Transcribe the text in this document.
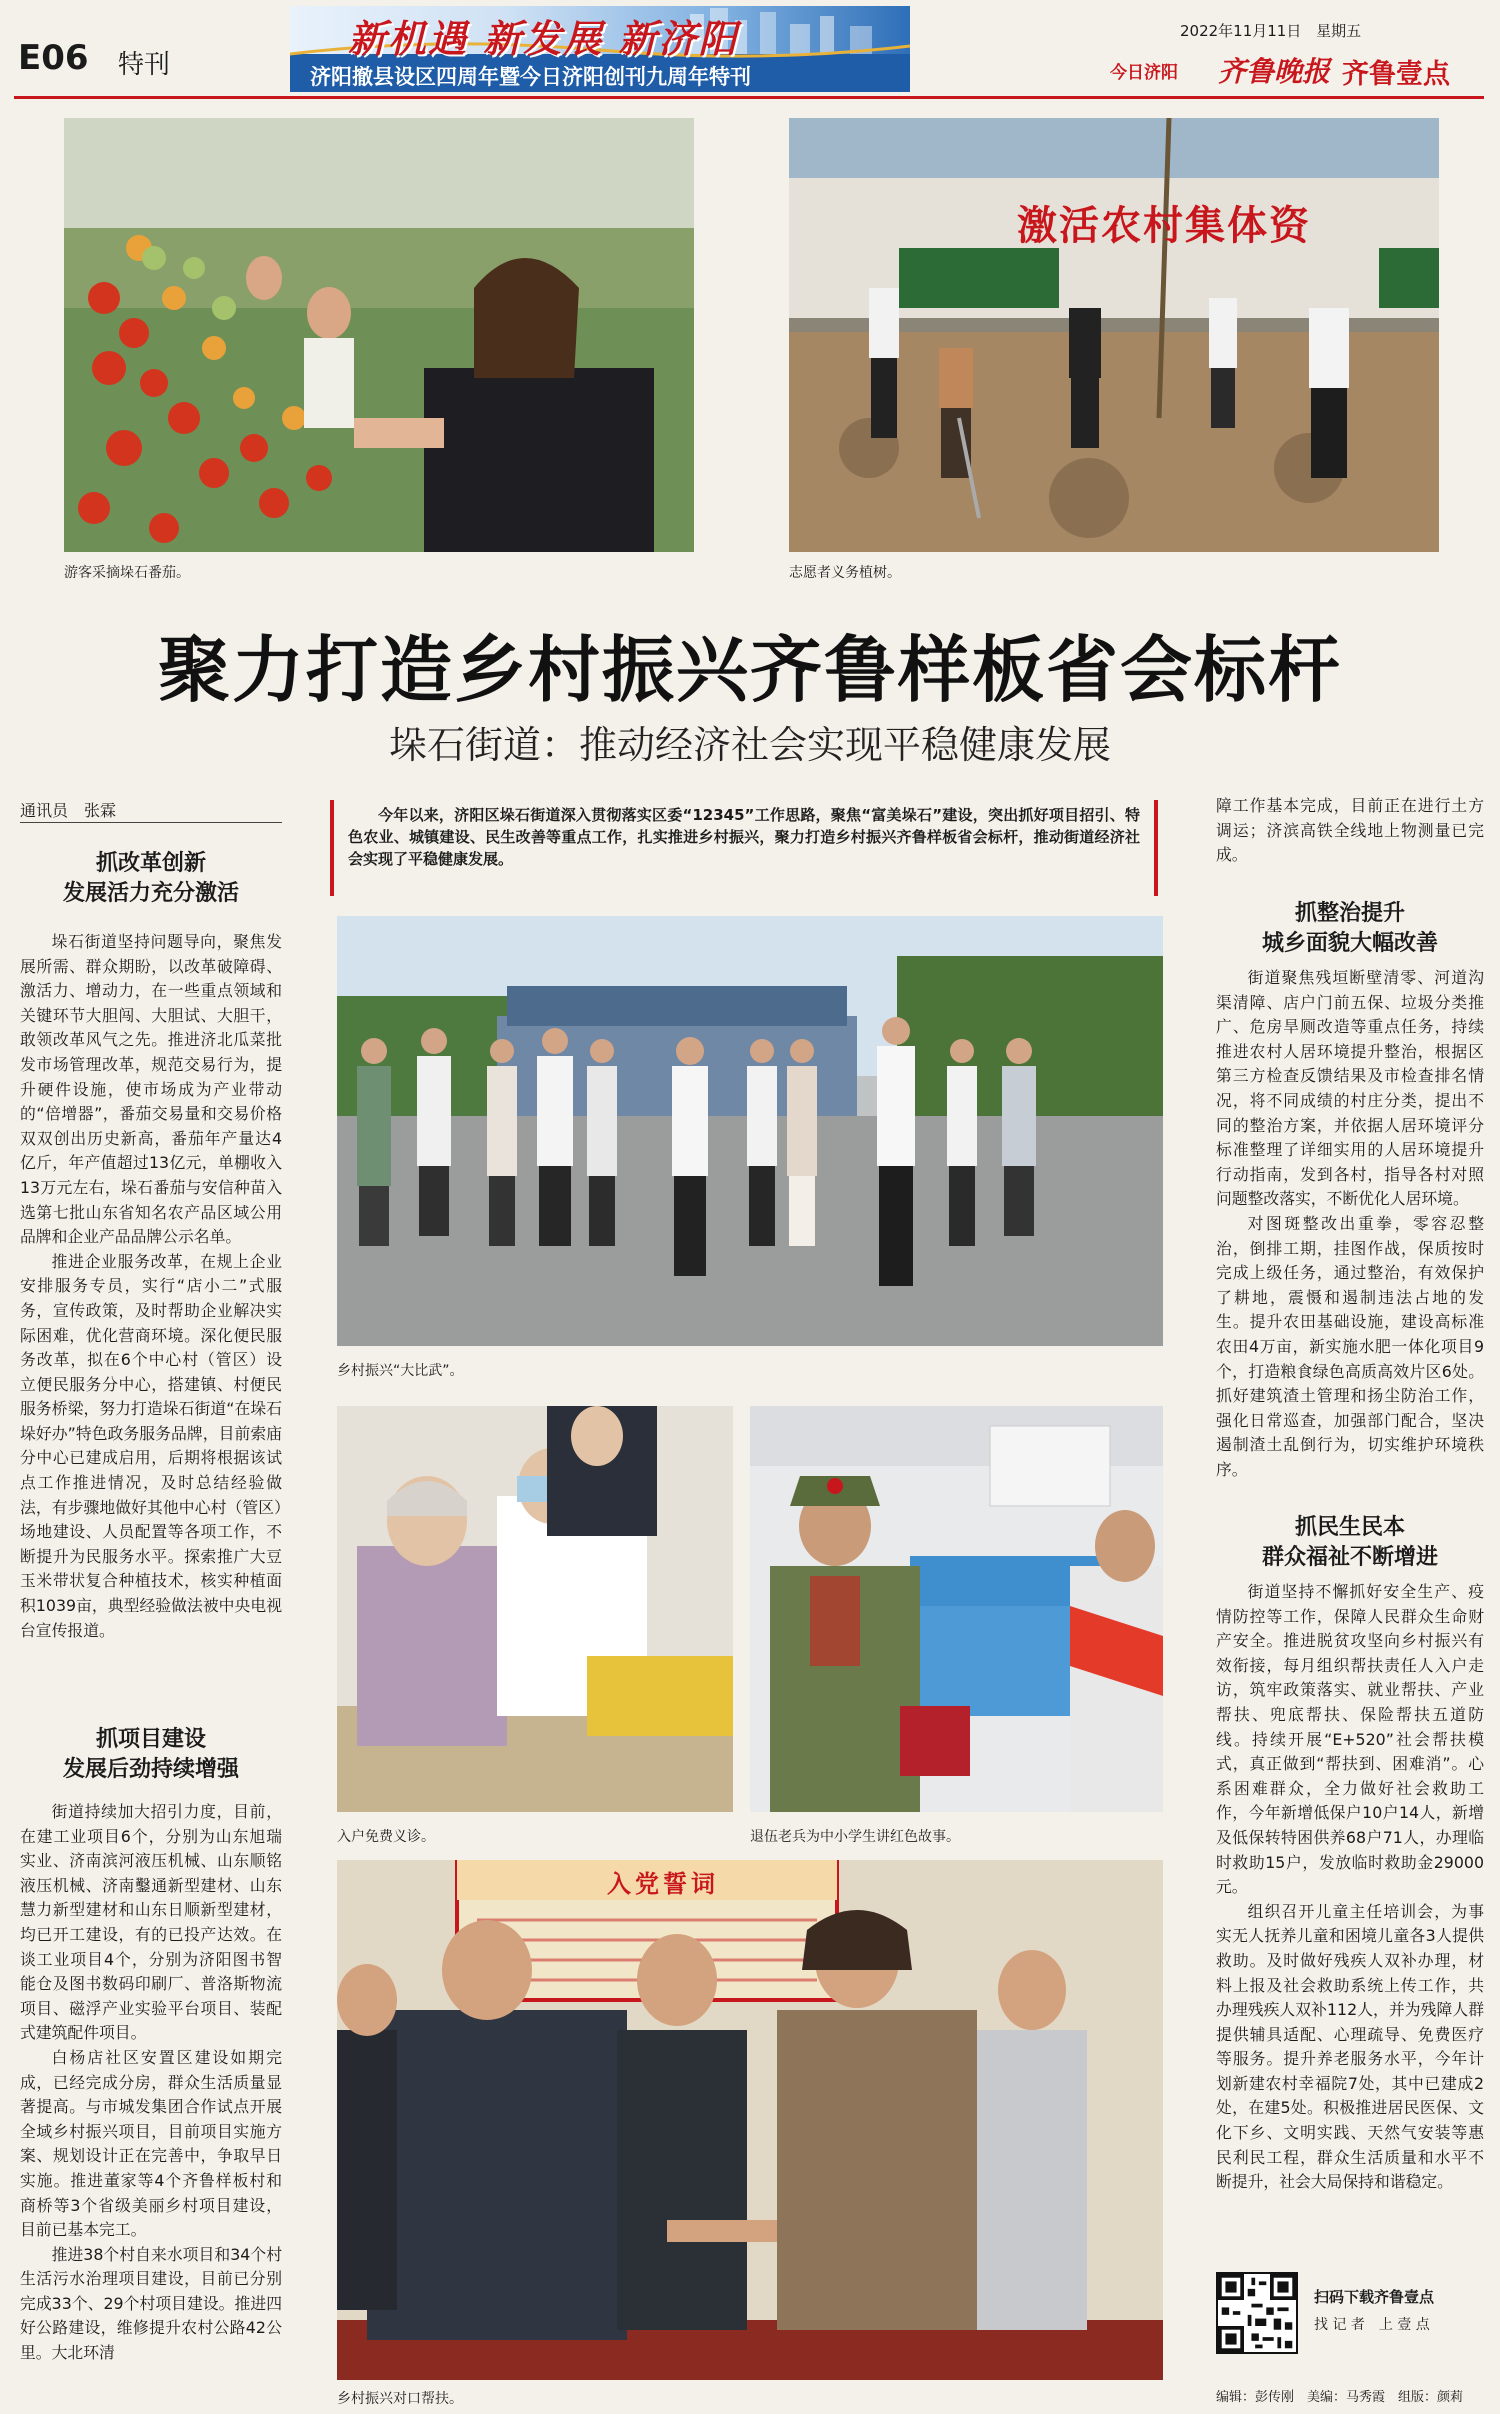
E06 特刊
新机遇 新发展 新济阳
济阳撤县设区四周年暨今日济阳创刊九周年特刊
2022年11月11日 星期五
今日济阳 齐鲁晚报 齐鲁壹点
游客采摘垛石番茄。
激活农村集体资
志愿者义务植树。
聚力打造乡村振兴齐鲁样板省会标杆
垛石街道：推动经济社会实现平稳健康发展
通讯员　张霖
抓改革创新
发展活力充分激活

垛石街道坚持问题导向，聚焦发展所需、群众期盼，以改革破障碍、激活力、增动力，在一些重点领域和关键环节大胆闯、大胆试、大胆干，敢领改革风气之先。推进济北瓜菜批发市场管理改革，规范交易行为，提升硬件设施，使市场成为产业带动的“倍增器”，番茄交易量和交易价格双双创出历史新高，番茄年产量达4亿斤，年产值超过13亿元，单棚收入13万元左右，垛石番茄与安信种苗入选第七批山东省知名农产品区域公用品牌和企业产品品牌公示名单。

推进企业服务改革，在规上企业安排服务专员，实行“店小二”式服务，宣传政策，及时帮助企业解决实际困难，优化营商环境。深化便民服务改革，拟在6个中心村（管区）设立便民服务分中心，搭建镇、村便民服务桥梁，努力打造垛石街道“在垛石　垛好办”特色政务服务品牌，目前索庙分中心已建成启用，后期将根据该试点工作推进情况，及时总结经验做法，有步骤地做好其他中心村（管区）场地建设、人员配置等各项工作，不断提升为民服务水平。探索推广大豆玉米带状复合种植技术，核实种植面积1039亩，典型经验做法被中央电视台宣传报道。

抓项目建设
发展后劲持续增强

街道持续加大招引力度，目前，在建工业项目6个，分别为山东旭瑞实业、济南滨河液压机械、山东顺铭液压机械、济南鑿通新型建材、山东慧力新型建材和山东日顺新型建材，均已开工建设，有的已投产达效。在谈工业项目4个，分别为济阳图书智能仓及图书数码印刷厂、普洛斯物流项目、磁浮产业实验平台项目、装配式建筑配件项目。

白杨店社区安置区建设如期完成，已经完成分房，群众生活质量显著提高。与市城发集团合作试点开展全域乡村振兴项目，目前项目实施方案、规划设计正在完善中，争取早日实施。推进董家等4个齐鲁样板村和商桥等3个省级美丽乡村项目建设，目前已基本完工。

推进38个村自来水项目和34个村生活污水治理项目建设，目前已分别完成33个、29个村项目建设。推进四好公路建设，维修提升农村公路42公里。大北环清

今年以来，济阳区垛石街道深入贯彻落实区委“12345”工作思路，聚焦“富美垛石”建设，突出抓好项目招引、特色农业、城镇建设、民生改善等重点工作，扎实推进乡村振兴，聚力打造乡村振兴齐鲁样板省会标杆，推动街道经济社会实现了平稳健康发展。
乡村振兴“大比武”。
入户免费义诊。	退伍老兵为中小学生讲红色故事。
入党誓词
乡村振兴对口帮扶。

障工作基本完成，目前正在进行土方调运；济滨高铁全线地上物测量已完成。

抓整治提升
城乡面貌大幅改善

街道聚焦残垣断壁清零、河道沟渠清障、店户门前五保、垃圾分类推广、危房旱厕改造等重点任务，持续推进农村人居环境提升整治，根据区第三方检查反馈结果及市检查排名情况，将不同成绩的村庄分类，提出不同的整治方案，并依据人居环境评分标准整理了详细实用的人居环境提升行动指南，发到各村，指导各村对照问题整改落实，不断优化人居环境。

对图斑整改出重拳，零容忍整治，倒排工期，挂图作战，保质按时完成上级任务，通过整治，有效保护了耕地，震慑和遏制违法占地的发生。提升农田基础设施，建设高标准农田4万亩，新实施水肥一体化项目9个，打造粮食绿色高质高效片区6处。抓好建筑渣土管理和扬尘防治工作，强化日常巡查，加强部门配合，坚决遏制渣土乱倒行为，切实维护环境秩序。

抓民生民本
群众福祉不断增进

街道坚持不懈抓好安全生产、疫情防控等工作，保障人民群众生命财产安全。推进脱贫攻坚向乡村振兴有效衔接，每月组织帮扶责任人入户走访，筑牢政策落实、就业帮扶、产业帮扶、兜底帮扶、保险帮扶五道防线。持续开展“E+520”社会帮扶模式，真正做到“帮扶到、困难消”。心系困难群众，全力做好社会救助工作，今年新增低保户10户14人，新增及低保转特困供养68户71人，办理临时救助15户，发放临时救助金29000元。

组织召开儿童主任培训会，为事实无人抚养儿童和困境儿童各3人提供救助。及时做好残疾人双补办理，材料上报及社会救助系统上传工作，共办理残疾人双补112人，并为残障人群提供辅具适配、心理疏导、免费医疗等服务。提升养老服务水平，今年计划新建农村幸福院7处，其中已建成2处，在建5处。积极推进居民医保、文化下乡、文明实践、天然气安装等惠民利民工程，群众生活质量和水平不断提升，社会大局保持和谐稳定。

扫码下载齐鲁壹点
找 记 者　上 壹 点
编辑：彭传刚　美编：马秀霞　组版：颜莉
